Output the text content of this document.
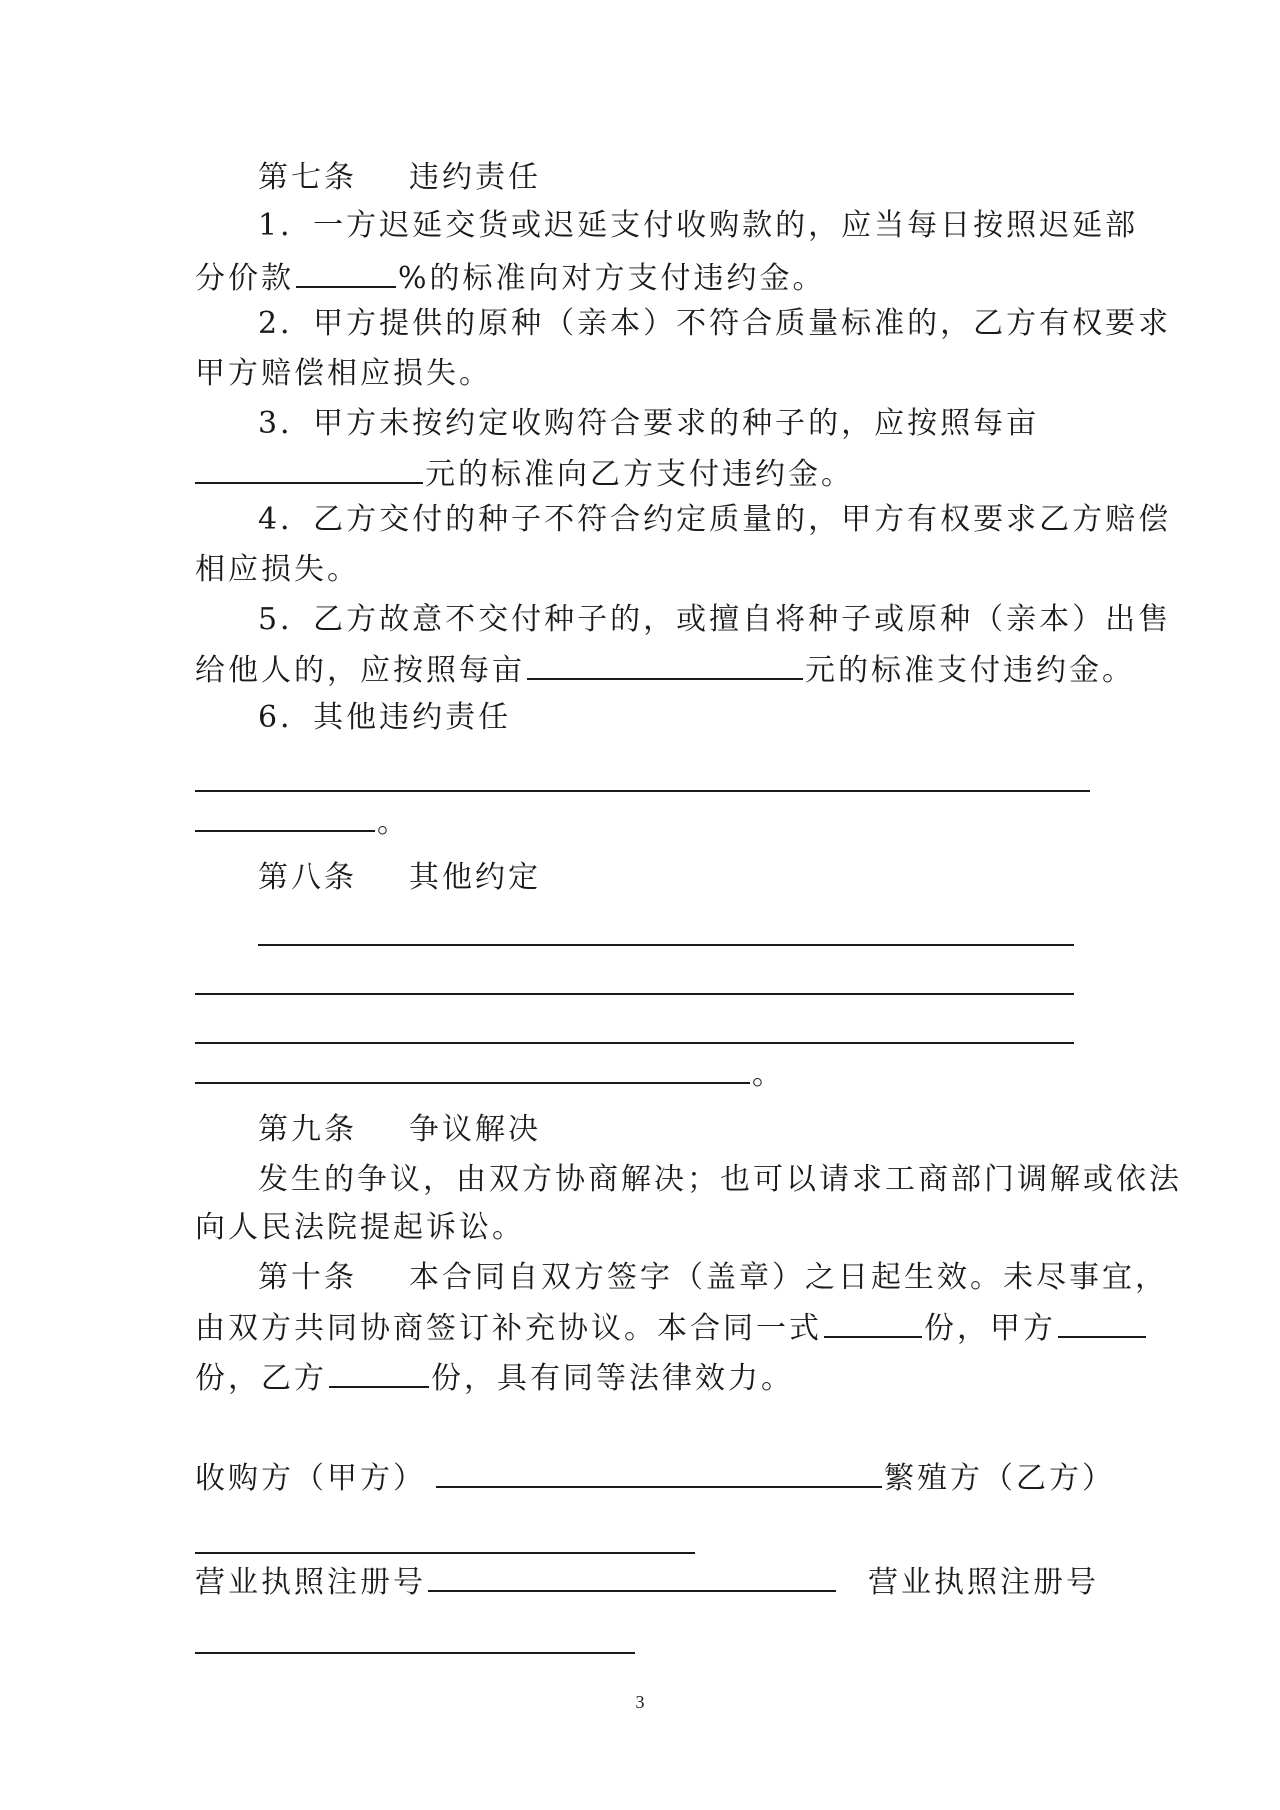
第七条 违约责任
1．一方迟延交货或迟延支付收购款的，应当每日按照迟延部
分价款	%的标准向对方支付违约金。
2．甲方提供的原种（亲本）不符合质量标准的，乙方有权要求
甲方赔偿相应损失。
3．甲方未按约定收购符合要求的种子的，应按照每亩
元的标准向乙方支付违约金。
4．乙方交付的种子不符合约定质量的，甲方有权要求乙方赔偿
相应损失。
5．乙方故意不交付种子的，或擅自将种子或原种（亲本）出售
给他人的，应按照每亩	元的标准支付违约金。
6．其他违约责任
。
第八条 其他约定
。
第九条 争议解决
发生的争议，由双方协商解决；也可以请求工商部门调解或依法
向人民法院提起诉讼。
第十条 本合同自双方签字（盖章）之日起生效。未尽事宜，
由双方共同协商签订补充协议。本合同一式	份，甲方
份，乙方	份，具有同等法律效力。
收购方（甲方）	繁殖方（乙方）
营业执照注册号	营业执照注册号
3
